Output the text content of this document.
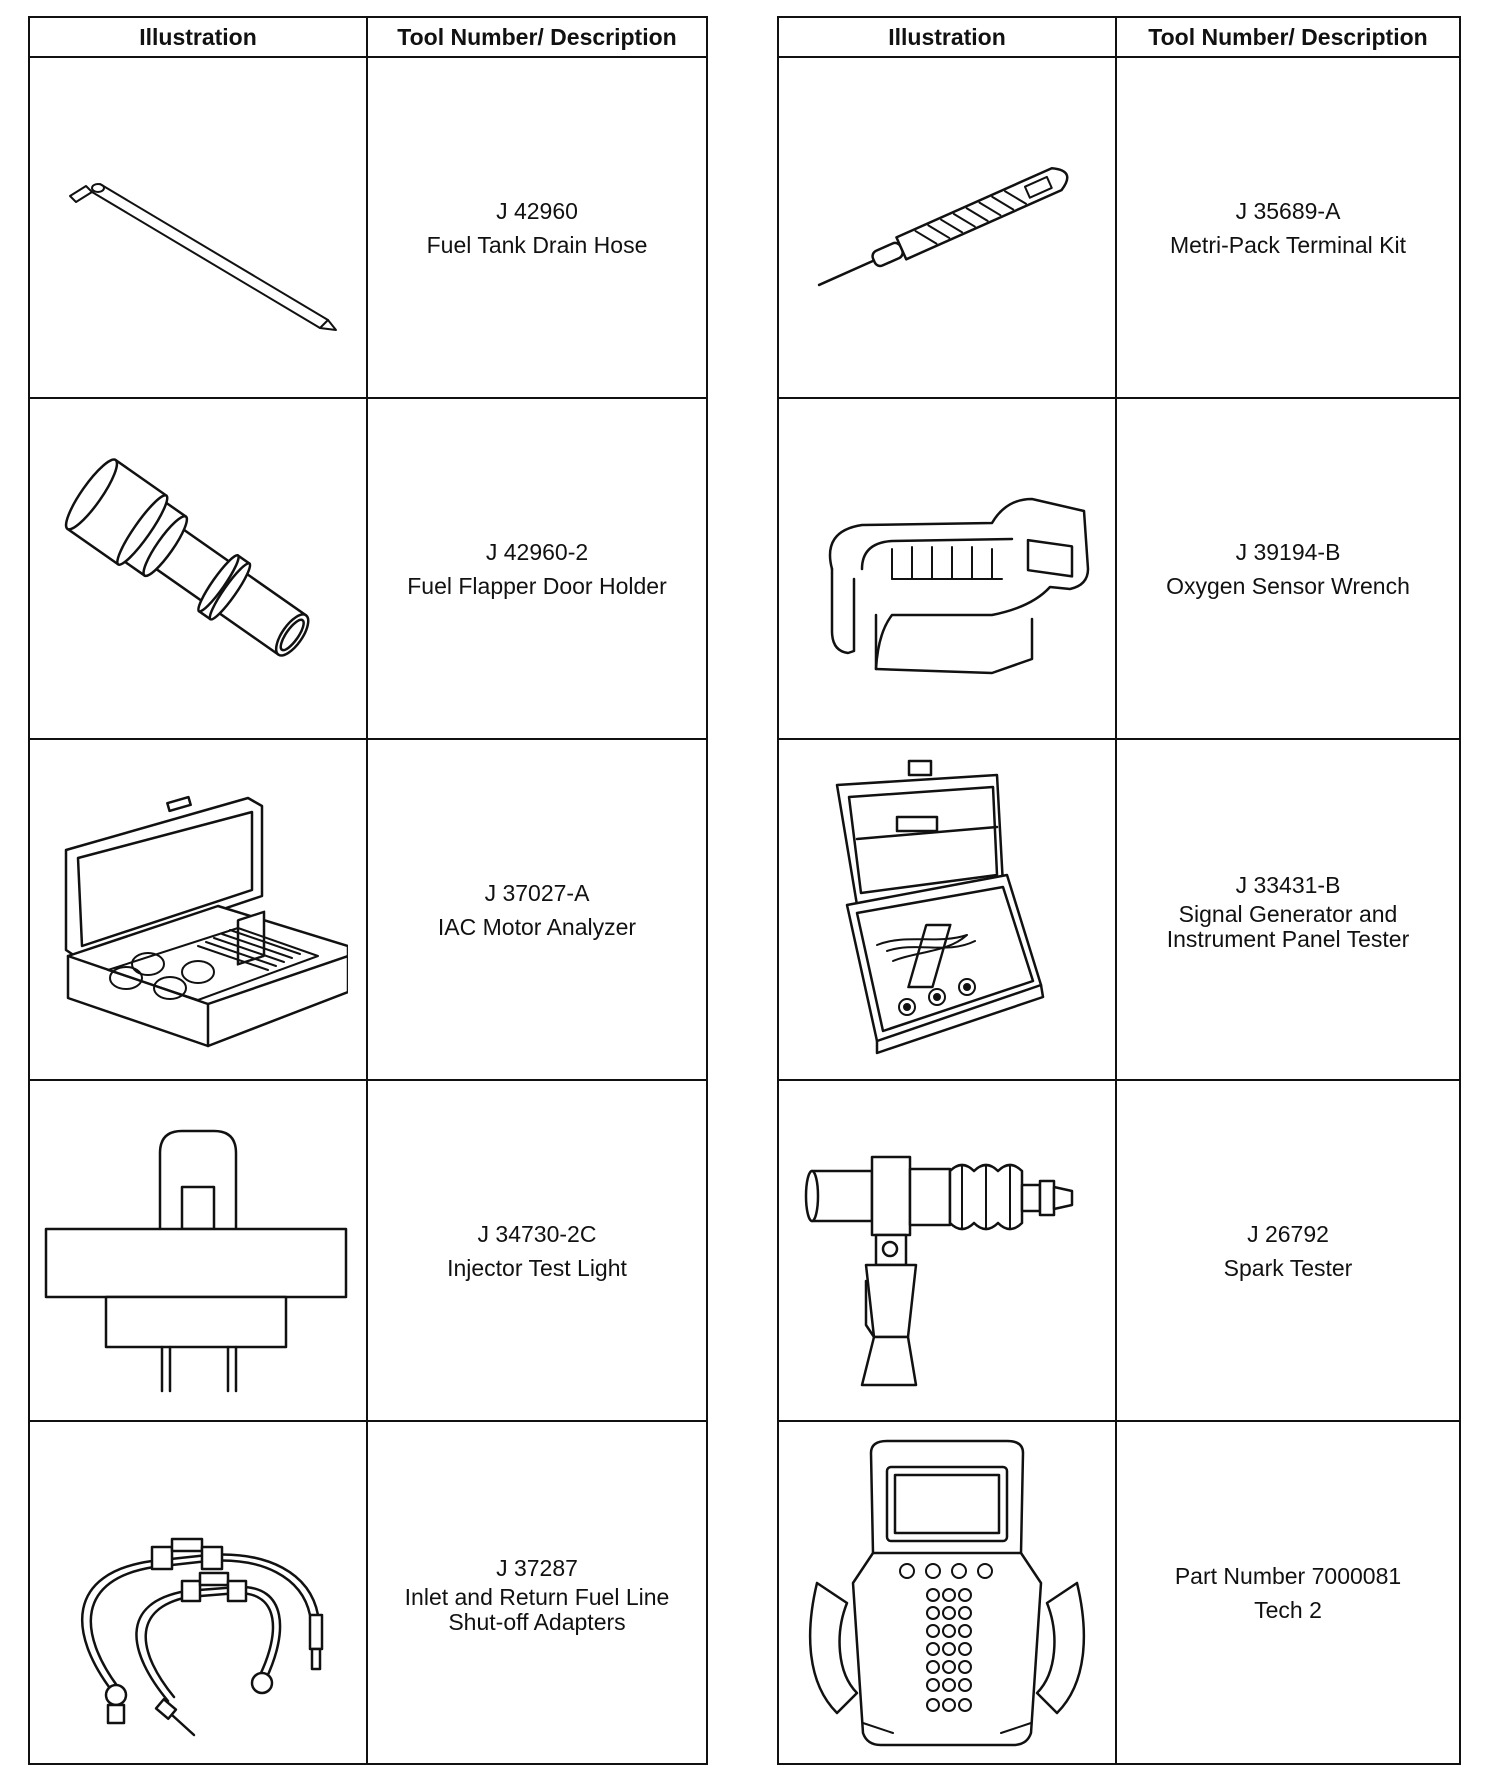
Illustration	Tool Number/ Description
J 42960
Fuel Tank Drain Hose
J 42960-2
Fuel Flapper Door Holder
J 37027-A
IAC Motor Analyzer
J 34730-2C
Injector Test Light
J 37287
Inlet and Return Fuel Line Shut-off Adapters
Illustration	Tool Number/ Description
J 35689-A
Metri-Pack Terminal Kit
J 39194-B
Oxygen Sensor Wrench
J 33431-B
Signal Generator and Instrument Panel Tester
J 26792
Spark Tester
Part Number 7000081
Tech 2
